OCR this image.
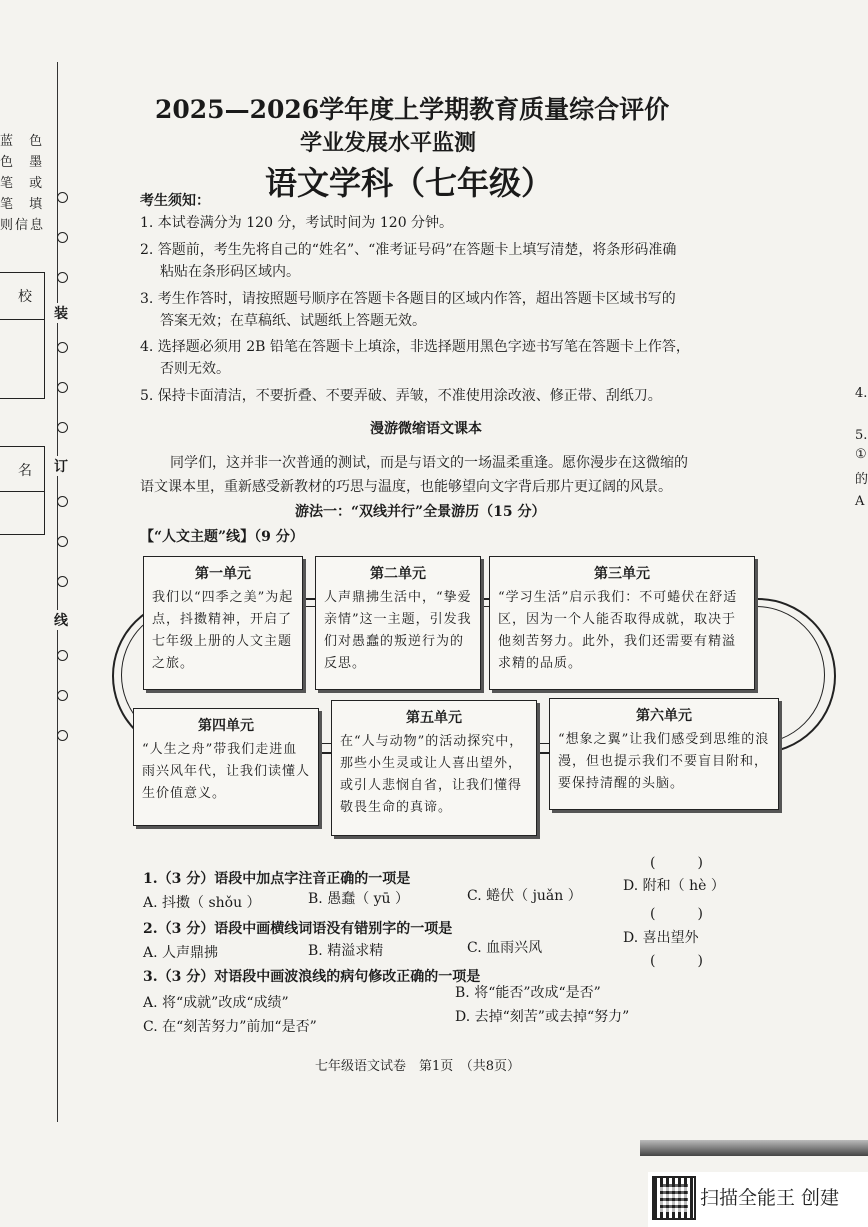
蓝 色
色 墨
笔 或
笔 填
则信息
校
名
装
订
线
2025—2026学年度上学期教育质量综合评价
学业发展水平监测
语文学科（七年级）
考生须知：
1. 本试卷满分为 120 分，考试时间为 120 分钟。
2. 答题前，考生先将自己的“姓名”、“准考证号码”在答题卡上填写清楚，将条形码准确
粘贴在条形码区域内。
3. 考生作答时，请按照题号顺序在答题卡各题目的区域内作答，超出答题卡区域书写的
答案无效；在草稿纸、试题纸上答题无效。
4. 选择题必须用 2B 铅笔在答题卡上填涂，非选择题用黑色字迹书写笔在答题卡上作答，
否则无效。
5. 保持卡面清洁，不要折叠、不要弄破、弄皱，不准使用涂改液、修正带、刮纸刀。
漫游微缩语文课本
同学们，这并非一次普通的测试，而是与语文的一场温柔重逢。愿你漫步在这微缩的
语文课本里，重新感受新教材的巧思与温度，也能够望向文字背后那片更辽阔的风景。
游法一：“双线并行”全景游历（15 分）
【“人文主题”线】（9 分）
第一单元
我们以“四季之美”为起点，抖擞精神，开启了七年级上册的人文主题之旅。
第二单元
人声鼎拂生活中，“挚爱亲情”这一主题，引发我们对愚蠢的叛逆行为的反思。
第三单元
“学习生活”启示我们：不可蜷伏在舒适区，因为一个人能否取得成就，取决于他刻苦努力。此外，我们还需要有精溢求精的品质。
第四单元
“人生之舟”带我们走进血雨兴风年代，让我们读懂人生价值意义。
第五单元
在“人与动物”的活动探究中，那些小生灵或让人喜出望外，或引人悲悯自省，让我们懂得敬畏生命的真谛。
第六单元
“想象之翼”让我们感受到思维的浪漫，但也提示我们不要盲目附和，要保持清醒的头脑。
(　　　)
1.（3 分）语段中加点字注音正确的一项是
A. 抖擞（ shǒu ）	B. 愚蠢（ yū ）	C. 蜷伏（ juǎn ）
D. 附和（ hè ）
(　　　)
2.（3 分）语段中画横线词语没有错别字的一项是
A. 人声鼎拂	B. 精溢求精	C. 血雨兴风
D. 喜出望外
(　　　)
3.（3 分）对语段中画波浪线的病句修改正确的一项是
A. 将“成就”改成“成绩”
B. 将“能否”改成“是否”
C. 在“刻苦努力”前加“是否”
D. 去掉“刻苦”或去掉“努力”
七年级语文试卷　第1页　（共8页）
4.
5.
①
的
A
扫描全能王 创建
